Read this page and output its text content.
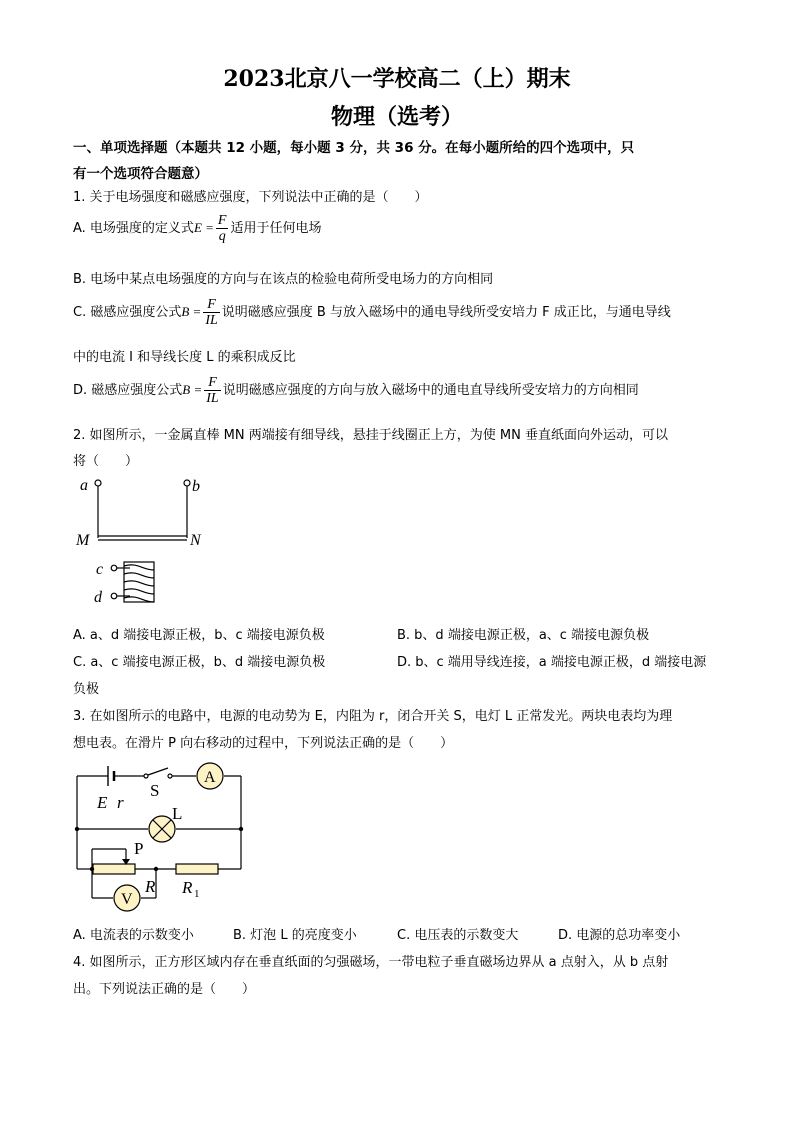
2023北京八一学校高二（上）期末
物理（选考）
一、单项选择题（本题共 12 小题，每小题 3 分，共 36 分。在每小题所给的四个选项中，只
有一个选项符合题意）
1. 关于电场强度和磁感应强度，下列说法中正确的是（　　）
A. 电场强度的定义式$E = \frac{F}{q}$ 适用于任何电场
B. 电场中某点电场强度的方向与在该点的检验电荷所受电场力的方向相同
C. 磁感应强度公式$B = \frac{F}{IL}$ 说明磁感应强度 B 与放入磁场中的通电导线所受安培力 F 成正比，与通电导线
中的电流 I 和导线长度 L 的乘积成反比
D. 磁感应强度公式$B = \frac{F}{IL}$ 说明磁感应强度的方向与放入磁场中的通电直导线所受安培力的方向相同
2. 如图所示，一金属直棒 MN 两端接有细导线，悬挂于线圈正上方，为使 MN 垂直纸面向外运动，可以
将（　　）
a	b
M	N
c
d
A. a、d 端接电源正极，b、c 端接电源负极	B. b、d 端接电源正极，a、c 端接电源负极
C. a、c 端接电源正极，b、d 端接电源负极	D. b、c 端用导线连接，a 端接电源正极，d 端接电源
负极
3. 在如图所示的电路中，电源的电动势为 E，内阻为 r，闭合开关 S，电灯 L 正常发光。两块电表均为理
想电表。在滑片 P 向右移动的过程中，下列说法正确的是（　　）
E r
S
A
L
P
R R 1
V
A. 电流表的示数变小	B. 灯泡 L 的亮度变小	C. 电压表的示数变大	D. 电源的总功率变小
4. 如图所示，正方形区域内存在垂直纸面的匀强磁场，一带电粒子垂直磁场边界从 a 点射入，从 b 点射
出。下列说法正确的是（　　）
